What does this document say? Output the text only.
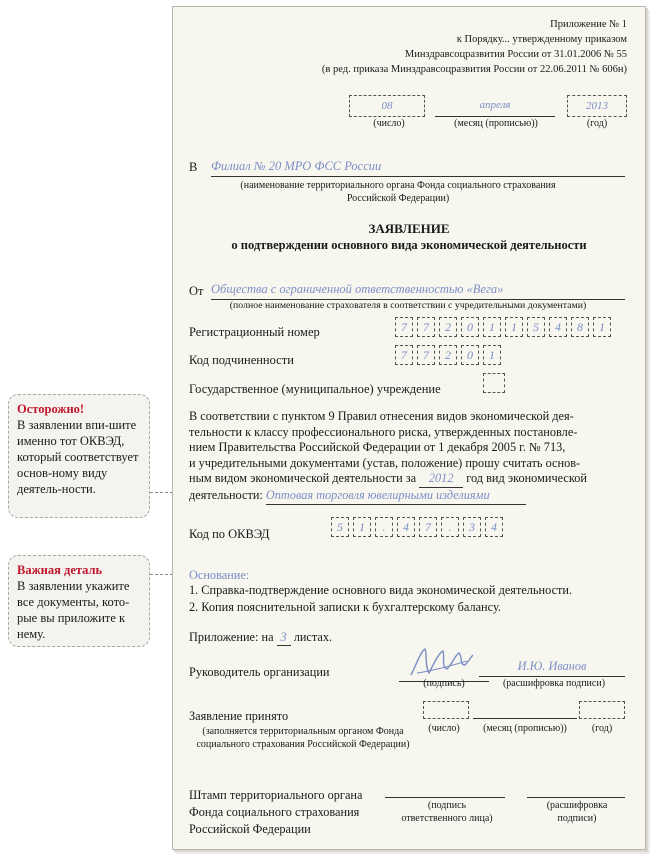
Осторожно!
В заявлении впи-шите именно тот ОКВЭД, который соответствует основ-ному виду деятель-ности.
Важная деталь
В заявлении укажите все документы, кото-рые вы приложите к нему.
Приложение № 1
к Порядку... утвержденному приказом
Минздравсоцразвития России от 31.01.2006 № 55
(в ред. приказа Минздравсоцразвития России от 22.06.2011 № 606н)
08	апреля	2013
(число)	(месяц (прописью))	(год)
В Филиал № 20 МРО ФСС России
(наименование территориального органа Фонда социального страхования Российской Федерации)
ЗАЯВЛЕНИЕ
о подтверждении основного вида экономической деятельности
От Общества с ограниченной ответственностью «Вега»
(полное наименование страхователя в соответствии с учредительными документами)
Регистрационный номер	7	7	2	0	1	1	5	4	8	1
Код подчиненности	7	7	2	0	1
Государственное (муниципальное) учреждение

В соответствии с пунктом 9 Правил отнесения видов экономической дея-

тельности к классу профессионального риска, утвержденных постановле-

нием Правительства Российской Федерации от 1 декабря 2005 г. № 713,

и учредительными документами (устав, положение) прошу считать основ-

ным видом экономической деятельности за 2012 год вид экономической

деятельности: Оптовая торговля ювелирными изделиями

Код по ОКВЭД	5	1	.	4	7	.	3	4
Основание:
1. Справка-подтверждение основного вида экономической деятельности.
2. Копия пояснительной записки к бухгалтерскому балансу.
Приложение: на 3 листах.
Руководитель организации	И.Ю. Иванов
(подпись)	(расшифровка подписи)
Заявление принято
(заполняется территориальным органом Фонда социального страхования Российской Федерации)
(число)	(месяц (прописью))	(год)
Штамп территориального органа
Фонда социального страхования
Российской Федерации
(подпись ответственного лица)
(расшифровка подписи)
